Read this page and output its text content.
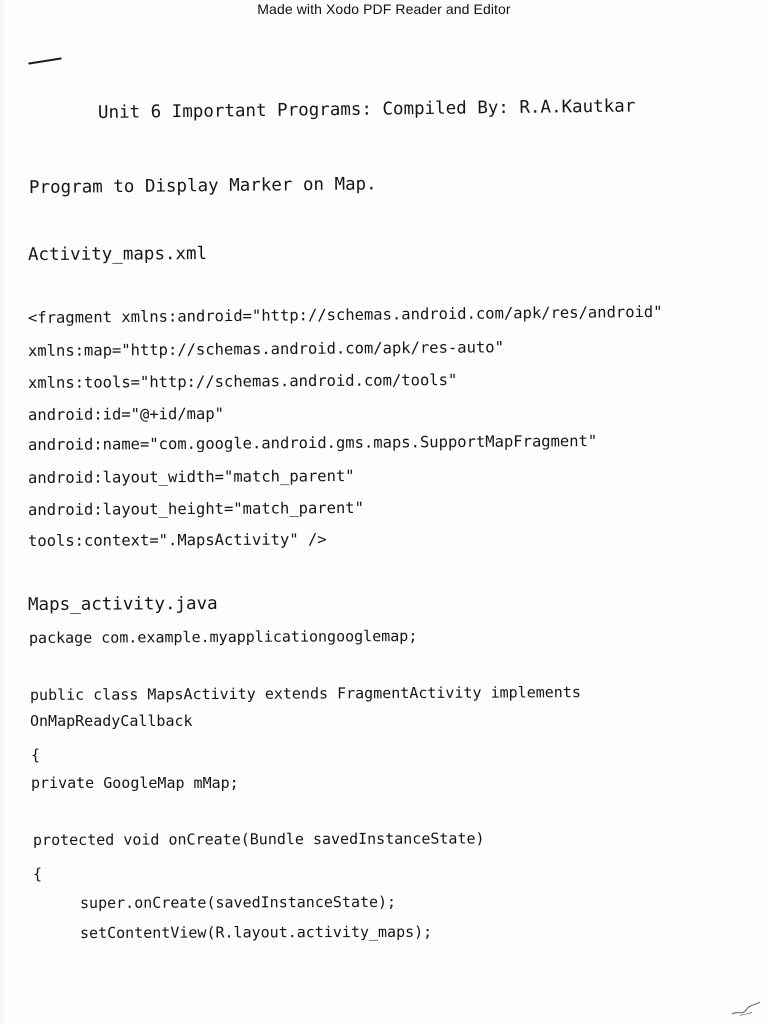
Made with Xodo PDF Reader and Editor
Unit 6 Important Programs: Compiled By: R.A.Kautkar
Program to Display Marker on Map.
Activity_maps.xml
<fragment xmlns:android="http://schemas.android.com/apk/res/android"
xmlns:map="http://schemas.android.com/apk/res-auto"
xmlns:tools="http://schemas.android.com/tools"
android:id="@+id/map"
android:name="com.google.android.gms.maps.SupportMapFragment"
android:layout_width="match_parent"
android:layout_height="match_parent"
tools:context=".MapsActivity" />
Maps_activity.java
package com.example.myapplicationgooglemap;
public class MapsActivity extends FragmentActivity implements
OnMapReadyCallback
{
private GoogleMap mMap;
protected void onCreate(Bundle savedInstanceState)
{
super.onCreate(savedInstanceState);
setContentView(R.layout.activity_maps);
